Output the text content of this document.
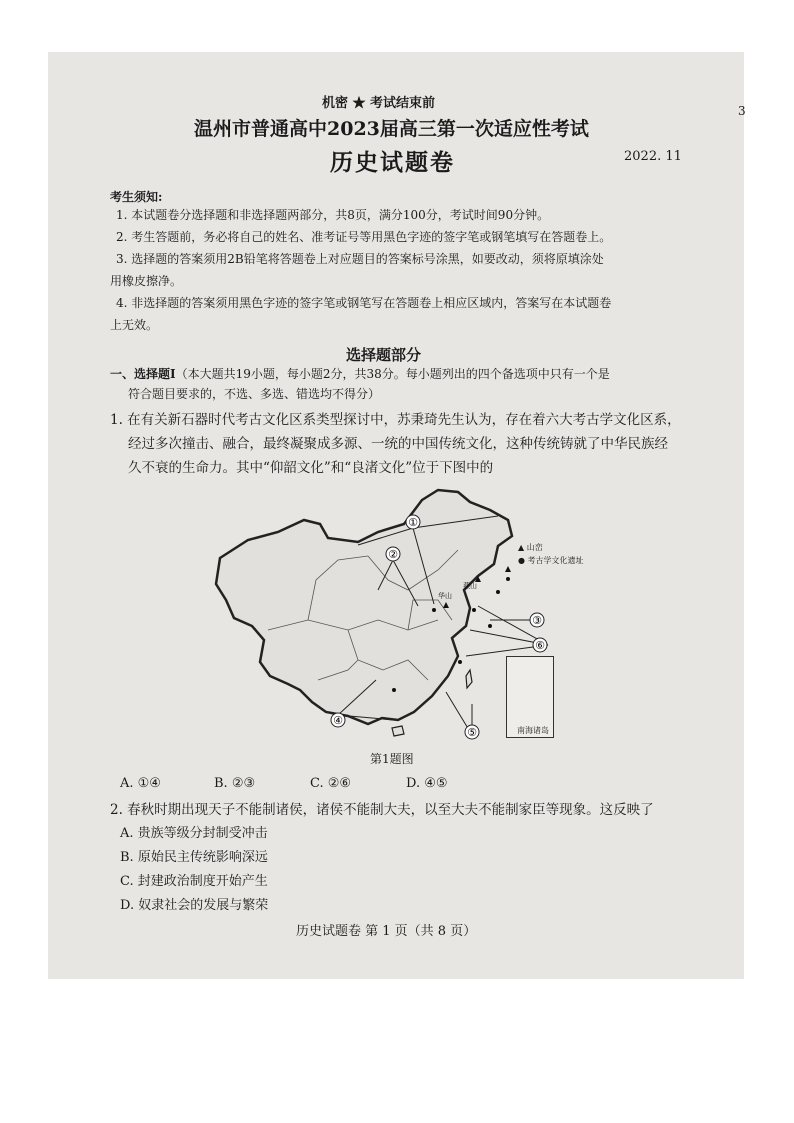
3
机密 ★ 考试结束前
温州市普通高中2023届高三第一次适应性考试
历史试题卷	2022. 11
考生须知:
1. 本试题卷分选择题和非选择题两部分，共8页，满分100分，考试时间90分钟。
2. 考生答题前，务必将自己的姓名、准考证号等用黑色字迹的签字笔或钢笔填写在答题卷上。
3. 选择题的答案须用2B铅笔将答题卷上对应题目的答案标号涂黑，如要改动，须将原填涂处
用橡皮擦净。
4. 非选择题的答案须用黑色字迹的签字笔或钢笔写在答题卷上相应区域内，答案写在本试题卷
上无效。
选择题部分
一、选择题Ⅰ（本大题共19小题，每小题2分，共38分。每小题列出的四个备选项中只有一个是
符合题目要求的，不选、多选、错选均不得分）
1. 在有关新石器时代考古文化区系类型探讨中，苏秉琦先生认为，存在着六大考古学文化区系，
经过多次撞击、融合，最终凝聚成多源、一统的中国传统文化，这种传统铸就了中华民族经
久不衰的生命力。其中“仰韶文化”和“良渚文化”位于下图中的
①
②
③
④
⑤
⑥
燕山
华山
▲ 山峦
● 考古学文化遗址
南海诸岛
第1题图
A. ①④	B. ②③	C. ②⑥	D. ④⑤
2. 春秋时期出现天子不能制诸侯，诸侯不能制大夫，以至大夫不能制家臣等现象。这反映了
A. 贵族等级分封制受冲击
B. 原始民主传统影响深远
C. 封建政治制度开始产生
D. 奴隶社会的发展与繁荣
历史试题卷 第 1 页（共 8 页）
